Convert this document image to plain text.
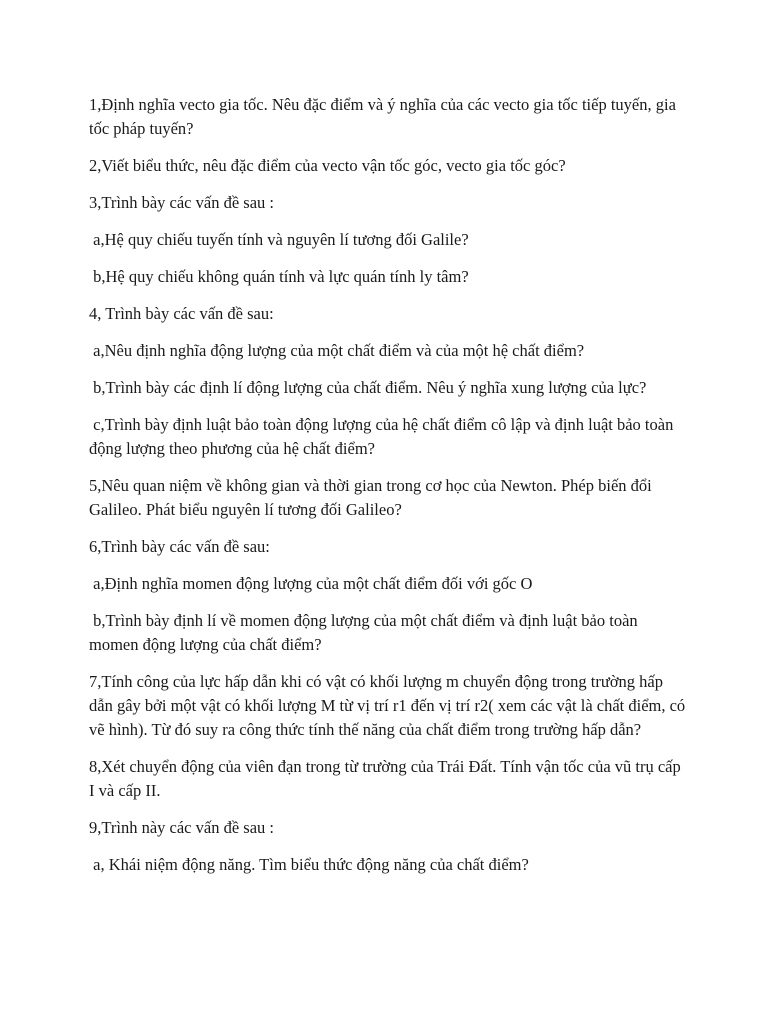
1,Định nghĩa vecto gia tốc. Nêu đặc điểm và ý nghĩa của các vecto gia tốc tiếp tuyến, gia tốc pháp tuyến?

2,Viết biểu thức, nêu đặc điểm của vecto vận tốc góc, vecto gia tốc góc?

3,Trình bày các vấn đề sau :

a,Hệ quy chiếu tuyến tính và nguyên lí tương đối Galile?

b,Hệ quy chiếu không quán tính và lực quán tính ly tâm?

4, Trình bày các vấn đề sau:

a,Nêu định nghĩa động lượng của một chất điểm và của một hệ chất điểm?

b,Trình bày các định lí động lượng của chất điểm. Nêu ý nghĩa xung lượng của lực?

c,Trình bày định luật bảo toàn động lượng của hệ chất điểm cô lập và định luật bảo toàn động lượng theo phương của hệ chất điểm?

5,Nêu quan niệm về không gian và thời gian trong cơ học của Newton. Phép biến đổi Galileo. Phát biểu nguyên lí tương đối Galileo?

6,Trình bày các vấn đề sau:

a,Định nghĩa momen động lượng của một chất điểm đối với gốc O

b,Trình bày định lí về momen động lượng của một chất điểm và định luật bảo toàn momen động lượng của chất điểm?

7,Tính công của lực hấp dẫn khi có vật có khối lượng m chuyển động trong trường hấp dẫn gây bởi một vật có khối lượng M từ vị trí r1 đến vị trí r2( xem các vật là chất điểm, có vẽ hình). Từ đó suy ra công thức tính thế năng của chất điểm trong trường hấp dẫn?

8,Xét chuyển động của viên đạn trong từ trường của Trái Đất. Tính vận tốc của vũ trụ cấp I và cấp II.

9,Trình này các vấn đề sau :

a, Khái niệm động năng. Tìm biểu thức động năng của chất điểm?
